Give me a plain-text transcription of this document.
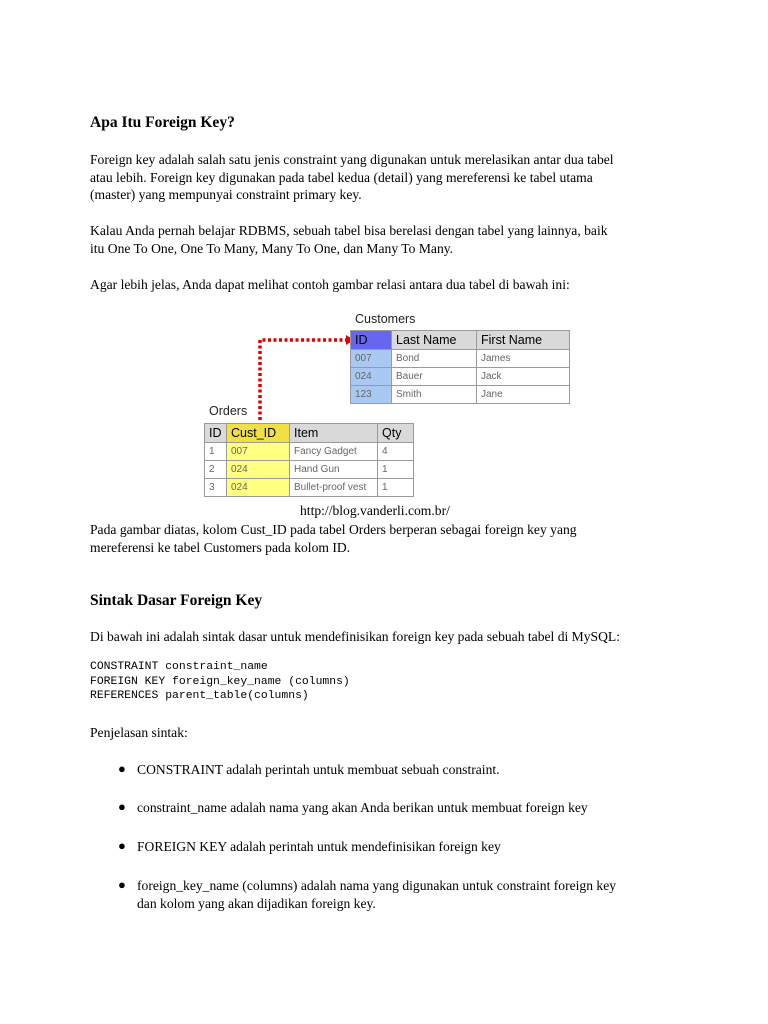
Apa Itu Foreign Key?
Foreign key adalah salah satu jenis constraint yang digunakan untuk merelasikan antar dua tabel
atau lebih. Foreign key digunakan pada tabel kedua (detail) yang mereferensi ke tabel utama
(master) yang mempunyai constraint primary key.
Kalau Anda pernah belajar RDBMS, sebuah tabel bisa berelasi dengan tabel yang lainnya, baik
itu One To One, One To Many, Many To One, dan Many To Many.
Agar lebih jelas, Anda dapat melihat contoh gambar relasi antara dua tabel di bawah ini:
Customers
ID	Last Name	First Name
007	Bond	James
024	Bauer	Jack
123	Smith	Jane
Orders
ID	Cust_ID	Item	Qty
1	007	Fancy Gadget	4
2	024	Hand Gun	1
3	024	Bullet-proof vest	1
http://blog.vanderli.com.br/
Pada gambar diatas, kolom Cust_ID pada tabel Orders berperan sebagai foreign key yang
mereferensi ke tabel Customers pada kolom ID.
Sintak Dasar Foreign Key
Di bawah ini adalah sintak dasar untuk mendefinisikan foreign key pada sebuah tabel di MySQL:
CONSTRAINT constraint_name
FOREIGN KEY foreign_key_name (columns)
REFERENCES parent_table(columns)
Penjelasan sintak:
● CONSTRAINT adalah perintah untuk membuat sebuah constraint.
● constraint_name adalah nama yang akan Anda berikan untuk membuat foreign key
● FOREIGN KEY adalah perintah untuk mendefinisikan foreign key
● foreign_key_name (columns) adalah nama yang digunakan untuk constraint foreign key
dan kolom yang akan dijadikan foreign key.
